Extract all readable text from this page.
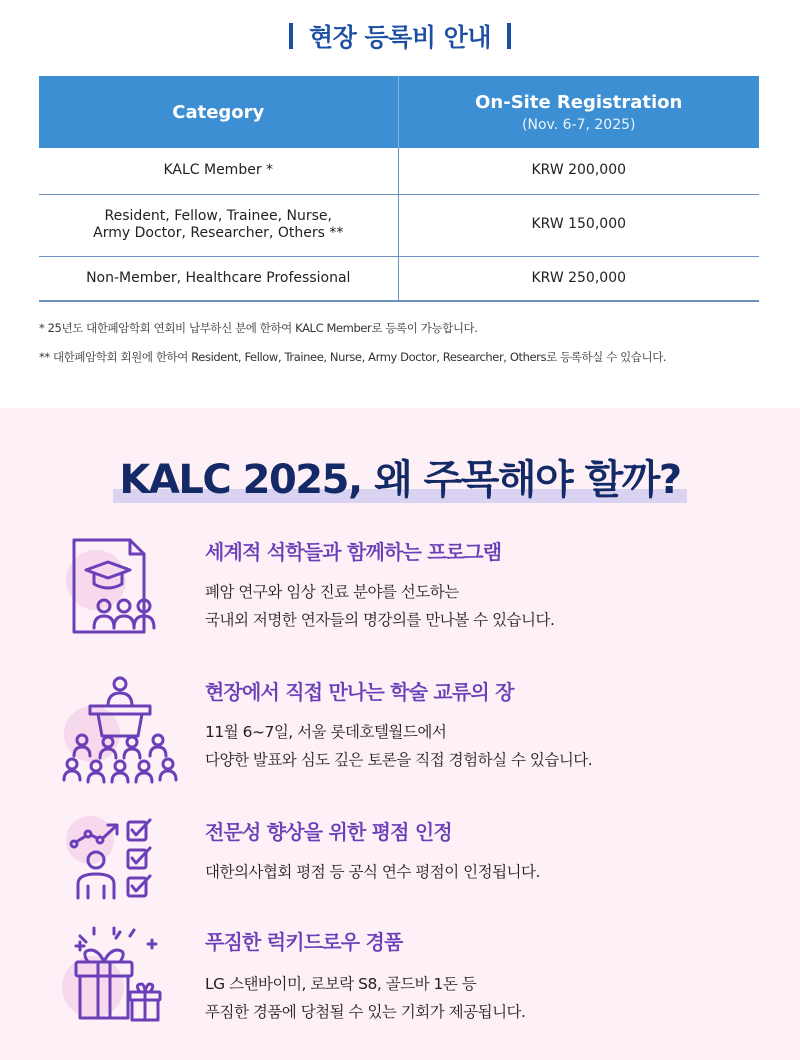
현장 등록비 안내
Category	On-Site Registration
(Nov. 6-7, 2025)

KALC Member *	KRW 200,000

Resident, Fellow, Trainee, Nurse,
Army Doctor, Researcher, Others **	KRW 150,000

Non-Member, Healthcare Professional	KRW 250,000

* 25년도 대한폐암학회 연회비 납부하신 분에 한하여 KALC Member로 등록이 가능합니다.

** 대한폐암학회 회원에 한하여 Resident, Fellow, Trainee, Nurse, Army Doctor, Researcher, Others로 등록하실 수 있습니다.

KALC 2025, 왜 주목해야 할까?
세계적 석학들과 함께하는 프로그램

폐암 연구와 임상 진료 분야를 선도하는

국내외 저명한 연자들의 명강의를 만나볼 수 있습니다.

현장에서 직접 만나는 학술 교류의 장

11월 6~7일, 서울 롯데호텔월드에서

다양한 발표와 심도 깊은 토론을 직접 경험하실 수 있습니다.

전문성 향상을 위한 평점 인정

대한의사협회 평점 등 공식 연수 평점이 인정됩니다.

푸짐한 럭키드로우 경품

LG 스탠바이미, 로보락 S8, 골드바 1돈 등

푸짐한 경품에 당첨될 수 있는 기회가 제공됩니다.
